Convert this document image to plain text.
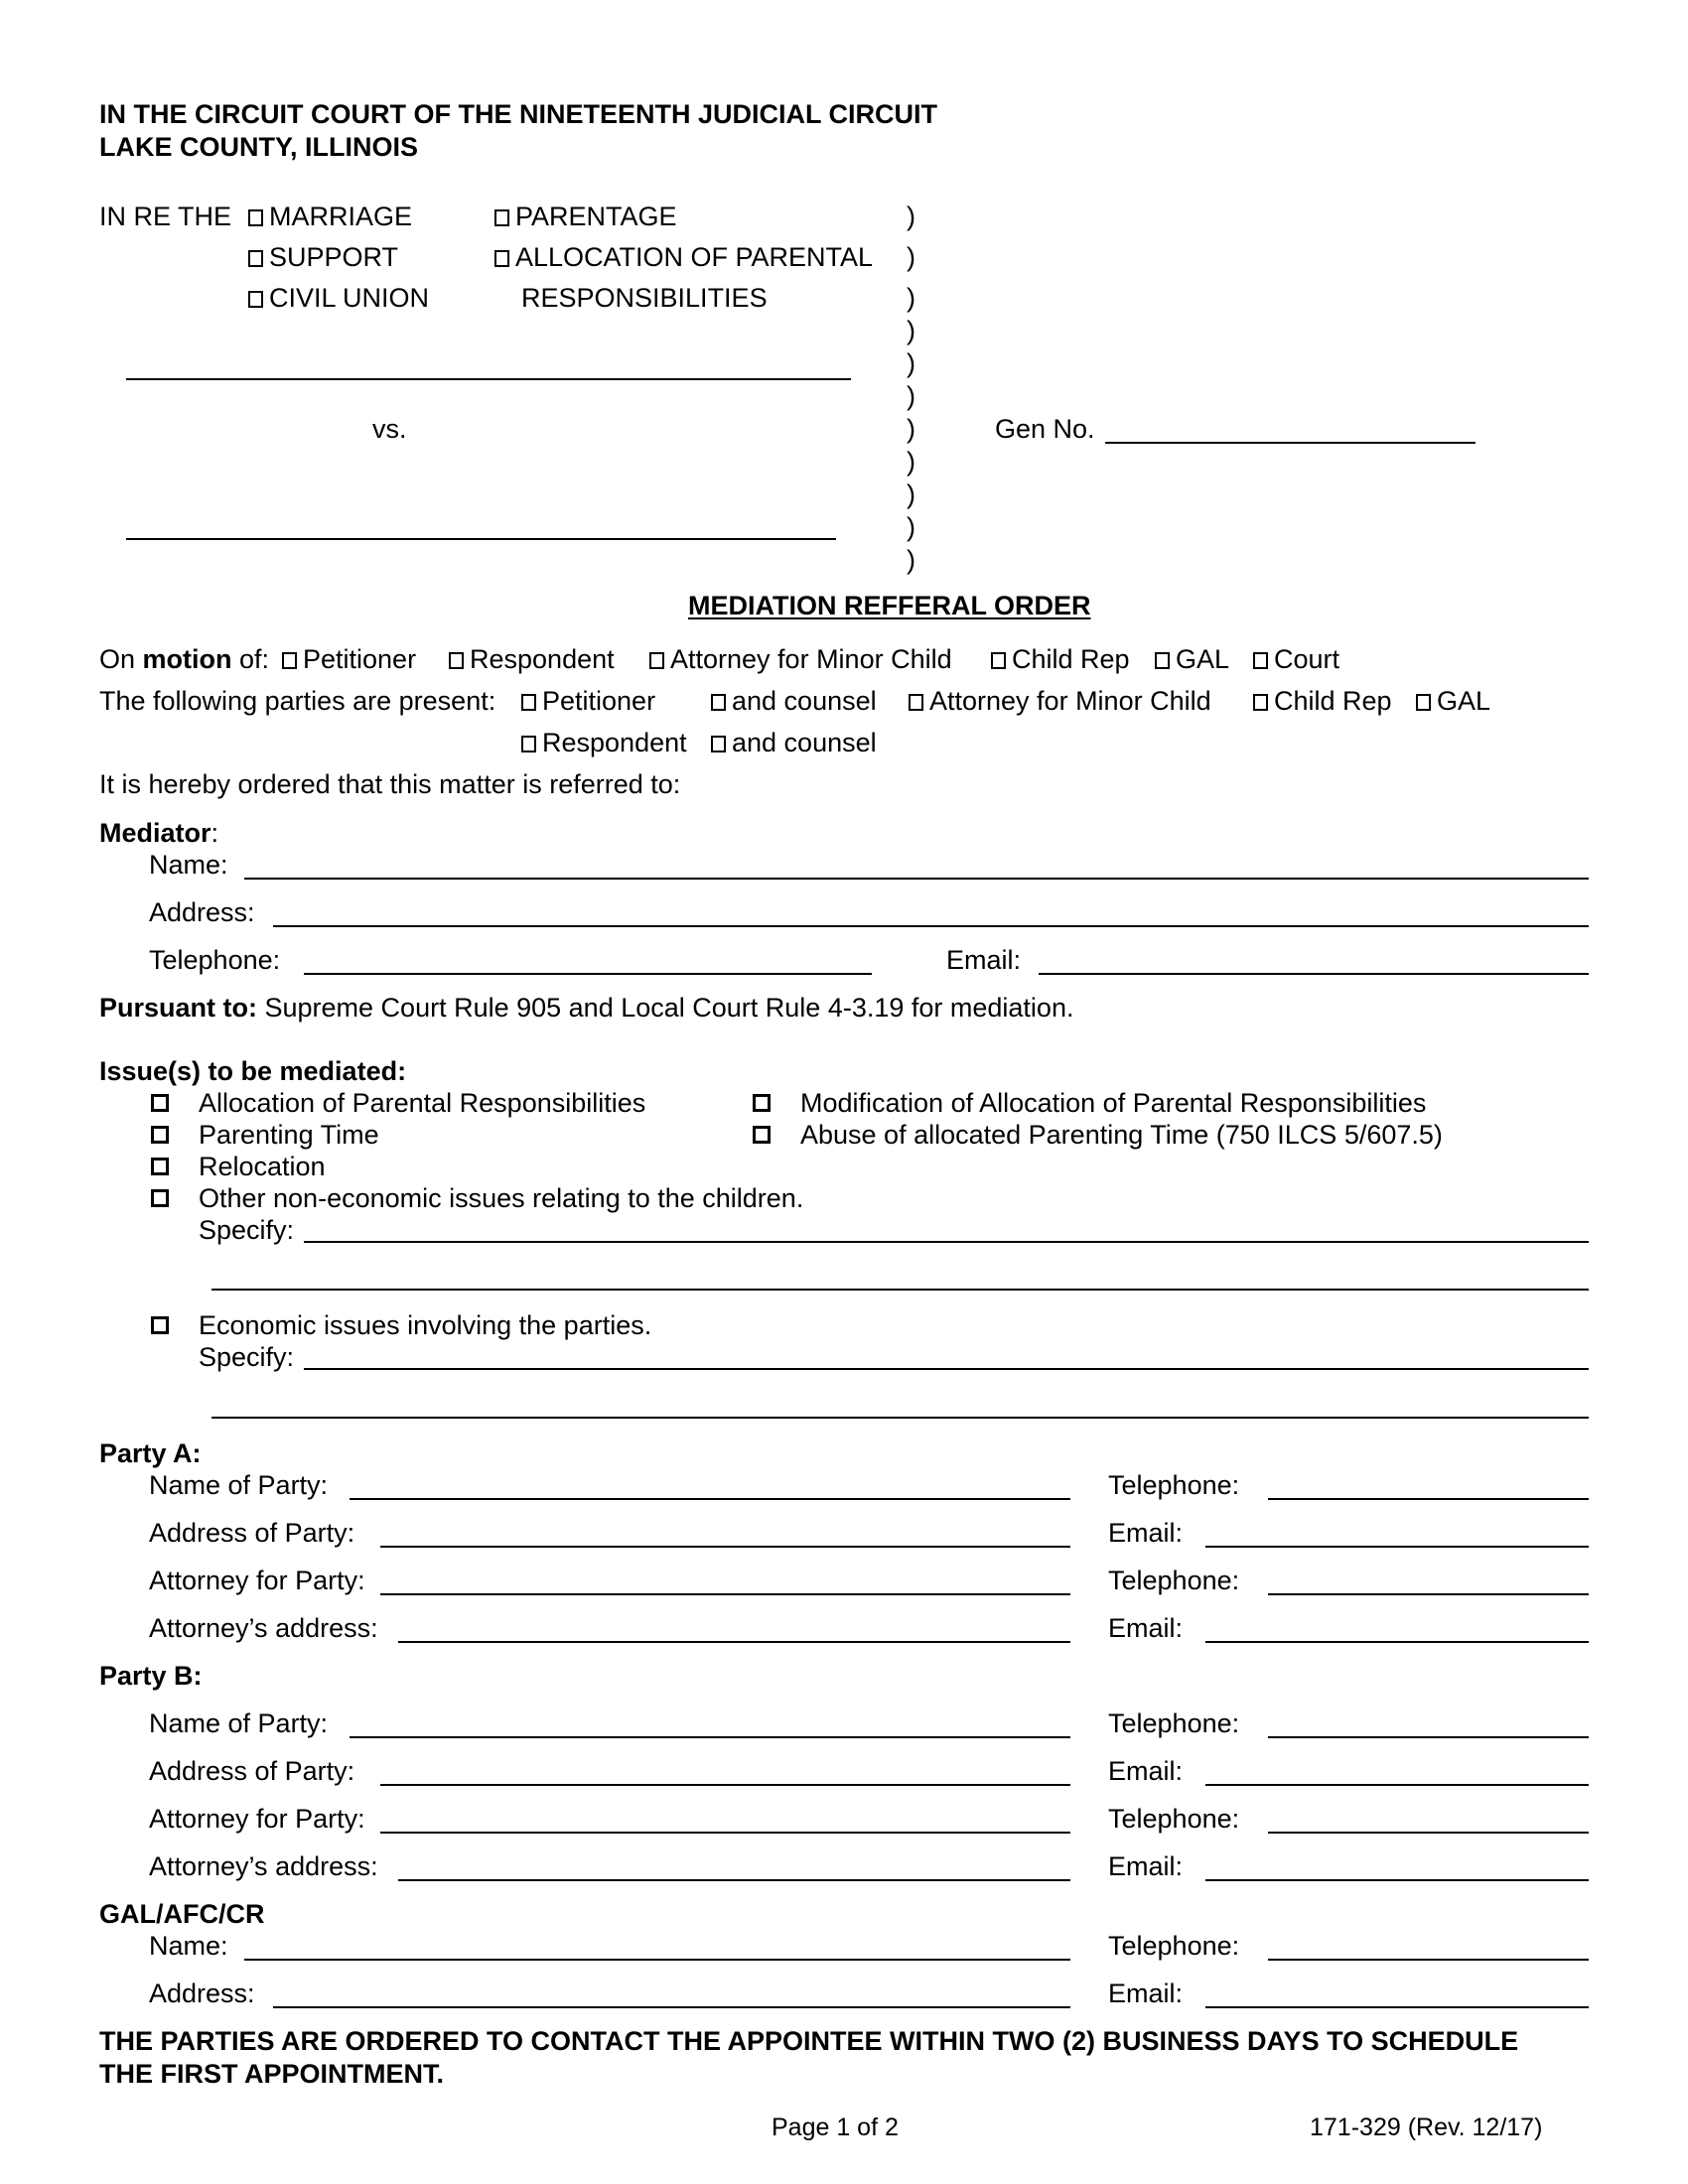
IN THE CIRCUIT COURT OF THE NINETEENTH JUDICIAL CIRCUIT
LAKE COUNTY, ILLINOIS
IN RE THE	MARRIAGE
SUPPORT
CIVIL UNION
PARENTAGE
ALLOCATION OF PARENTAL
RESPONSIBILITIES
)
)
)
)
)
)
)
)
)
)
)
vs.	Gen No.
MEDIATION REFFERAL ORDER
On motion of:	Petitioner	Respondent	Attorney for Minor Child	Child Rep	GAL	Court
The following parties are present:	Petitioner	and counsel	Attorney for Minor Child	Child Rep	GAL
Respondent	and counsel
It is hereby ordered that this matter is referred to:
Mediator:
Name:
Address:
Telephone:	Email:
Pursuant to: Supreme Court Rule 905 and Local Court Rule 4-3.19 for mediation.
Issue(s) to be mediated:
Allocation of Parental Responsibilities
Parenting Time
Relocation
Other non-economic issues relating to the children.
Modification of Allocation of Parental Responsibilities
Abuse of allocated Parenting Time (750 ILCS 5/607.5)
Specify:
Economic issues involving the parties.
Specify:
Party A:
Name of Party:	Telephone:
Address of Party:	Email:
Attorney for Party:	Telephone:
Attorney’s address:	Email:
Party B:
Name of Party:	Telephone:
Address of Party:	Email:
Attorney for Party:	Telephone:
Attorney’s address:	Email:
GAL/AFC/CR
Name:	Telephone:
Address:	Email:
THE PARTIES ARE ORDERED TO CONTACT THE APPOINTEE WITHIN TWO (2) BUSINESS DAYS TO SCHEDULE
THE FIRST APPOINTMENT.
Page 1 of 2	171-329 (Rev. 12/17)
